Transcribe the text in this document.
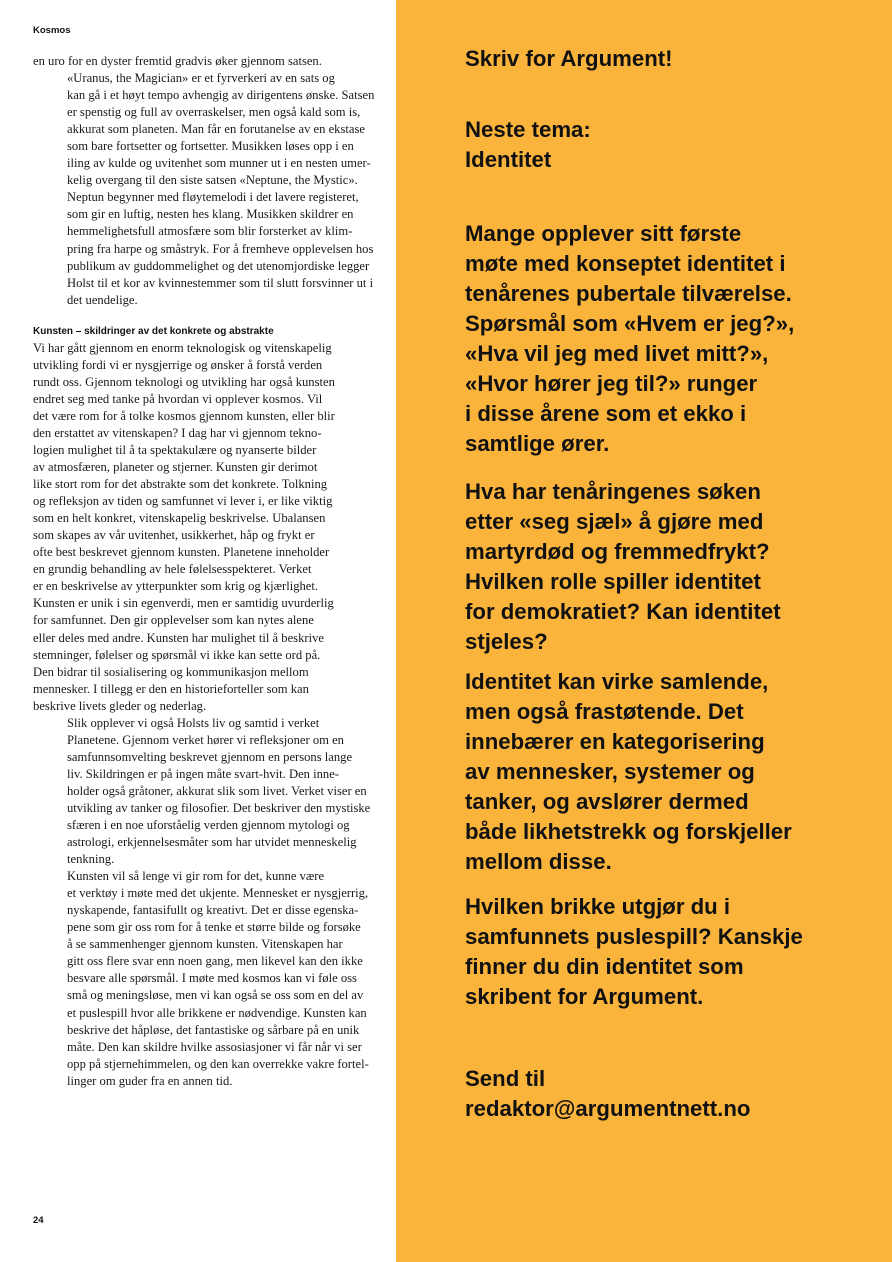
Kosmos

en uro for en dyster fremtid gradvis øker gjennom satsen.

«Uranus, the Magician» er et fyrverkeri av en sats og
kan gå i et høyt tempo avhengig av dirigentens ønske. Satsen
er spenstig og full av overraskelser, men også kald som is,
akkurat som planeten. Man får en forutanelse av en ekstase
som bare fortsetter og fortsetter. Musikken løses opp i en
iling av kulde og uvitenhet som munner ut i en nesten umer-
kelig overgang til den siste satsen «Neptune, the Mystic».
Neptun begynner med fløytemelodi i det lavere registeret,
som gir en luftig, nesten hes klang. Musikken skildrer en
hemmelighetsfull atmosfære som blir forsterket av klim-
pring fra harpe og småstryk. For å fremheve opplevelsen hos
publikum av guddommelighet og det utenomjordiske legger
Holst til et kor av kvinnestemmer som til slutt forsvinner ut i
det uendelige.

Kunsten – skildringer av det konkrete og abstrakte

Vi har gått gjennom en enorm teknologisk og vitenskapelig
utvikling fordi vi er nysgjerrige og ønsker å forstå verden
rundt oss. Gjennom teknologi og utvikling har også kunsten
endret seg med tanke på hvordan vi opplever kosmos. Vil
det være rom for å tolke kosmos gjennom kunsten, eller blir
den erstattet av vitenskapen? I dag har vi gjennom tekno-
logien mulighet til å ta spektakulære og nyanserte bilder
av atmosfæren, planeter og stjerner. Kunsten gir derimot
like stort rom for det abstrakte som det konkrete. Tolkning
og refleksjon av tiden og samfunnet vi lever i, er like viktig
som en helt konkret, vitenskapelig beskrivelse. Ubalansen
som skapes av vår uvitenhet, usikkerhet, håp og frykt er
ofte best beskrevet gjennom kunsten. Planetene inneholder
en grundig behandling av hele følelsesspekteret. Verket
er en beskrivelse av ytterpunkter som krig og kjærlighet.
Kunsten er unik i sin egenverdi, men er samtidig uvurderlig
for samfunnet. Den gir opplevelser som kan nytes alene
eller deles med andre. Kunsten har mulighet til å beskrive
stemninger, følelser og spørsmål vi ikke kan sette ord på.
Den bidrar til sosialisering og kommunikasjon mellom
mennesker. I tillegg er den en historieforteller som kan
beskrive livets gleder og nederlag.

Slik opplever vi også Holsts liv og samtid i verket
Planetene. Gjennom verket hører vi refleksjoner om en
samfunnsomvelting beskrevet gjennom en persons lange
liv. Skildringen er på ingen måte svart-hvit. Den inne-
holder også gråtoner, akkurat slik som livet. Verket viser en
utvikling av tanker og filosofier. Det beskriver den mystiske
sfæren i en noe uforståelig verden gjennom mytologi og
astrologi, erkjennelsesmåter som har utvidet menneskelig
tenkning.

Kunsten vil så lenge vi gir rom for det, kunne være
et verktøy i møte med det ukjente. Mennesket er nysgjerrig,
nyskapende, fantasifullt og kreativt. Det er disse egenska-
pene som gir oss rom for å tenke et større bilde og forsøke
å se sammenhenger gjennom kunsten. Vitenskapen har
gitt oss flere svar enn noen gang, men likevel kan den ikke
besvare alle spørsmål. I møte med kosmos kan vi føle oss
små og meningsløse, men vi kan også se oss som en del av
et puslespill hvor alle brikkene er nødvendige. Kunsten kan
beskrive det håpløse, det fantastiske og sårbare på en unik
måte. Den kan skildre hvilke assosiasjoner vi får når vi ser
opp på stjernehimmelen, og den kan overrekke vakre fortel-
linger om guder fra en annen tid.

24
Skriv for Argument!
Neste tema:
Identitet
Mange opplever sitt første
møte med konseptet identitet i
tenårenes pubertale tilværelse.
Spørsmål som «Hvem er jeg?»,
«Hva vil jeg med livet mitt?»,
«Hvor hører jeg til?» runger
i disse årene som et ekko i
samtlige ører.
Hva har tenåringenes søken
etter «seg sjæl» å gjøre med
martyrdød og fremmedfrykt?
Hvilken rolle spiller identitet
for demokratiet? Kan identitet
stjeles?
Identitet kan virke samlende,
men også frastøtende. Det
innebærer en kategorisering
av mennesker, systemer og
tanker, og avslører dermed
både likhetstrekk og forskjeller
mellom disse.
Hvilken brikke utgjør du i
samfunnets puslespill? Kanskje
finner du din identitet som
skribent for Argument.
Send til
redaktor@argumentnett.no
